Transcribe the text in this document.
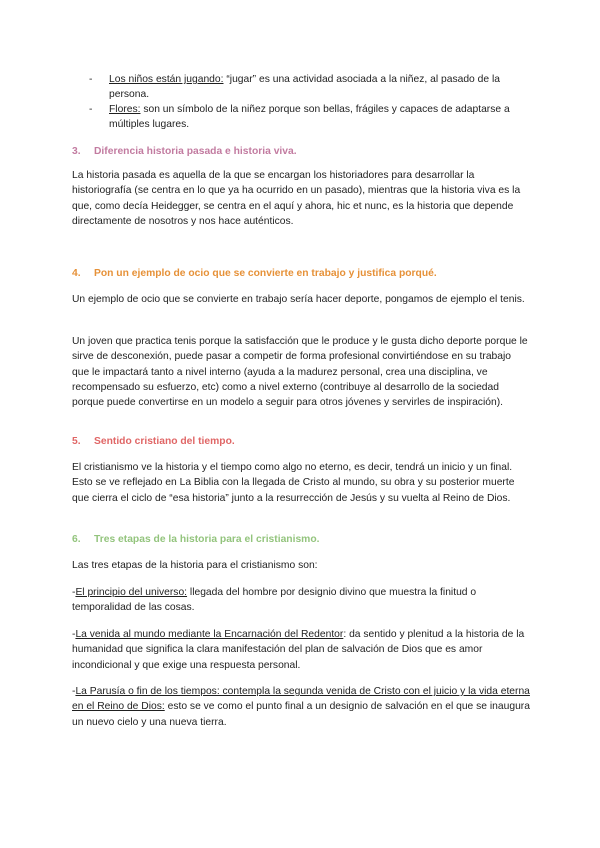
- Los niños están jugando: “jugar” es una actividad asociada a la niñez, al pasado de la persona.
- Flores: son un símbolo de la niñez porque son bellas, frágiles y capaces de adaptarse a múltiples lugares.
3. Diferencia historia pasada e historia viva.

La historia pasada es aquella de la que se encargan los historiadores para desarrollar la historiografía (se centra en lo que ya ha ocurrido en un pasado), mientras que la historia viva es la que, como decía Heidegger, se centra en el aquí y ahora, hic et nunc, es la historia que depende directamente de nosotros y nos hace auténticos.

4. Pon un ejemplo de ocio que se convierte en trabajo y justifica porqué.

Un ejemplo de ocio que se convierte en trabajo sería hacer deporte, pongamos de ejemplo el tenis.

Un joven que practica tenis porque la satisfacción que le produce y le gusta dicho deporte porque le sirve de desconexión, puede pasar a competir de forma profesional convirtiéndose en su trabajo que le impactará tanto a nivel interno (ayuda a la madurez personal, crea una disciplina, ve recompensado su esfuerzo, etc) como a nivel externo (contribuye al desarrollo de la sociedad porque puede convertirse en un modelo a seguir para otros jóvenes y servirles de inspiración).

5. Sentido cristiano del tiempo.

El cristianismo ve la historia y el tiempo como algo no eterno, es decir, tendrá un inicio y un final. Esto se ve reflejado en La Biblia con la llegada de Cristo al mundo, su obra y su posterior muerte que cierra el ciclo de “esa historia” junto a la resurrección de Jesús y su vuelta al Reino de Dios.

6. Tres etapas de la historia para el cristianismo.

Las tres etapas de la historia para el cristianismo son:

-El principio del universo: llegada del hombre por designio divino que muestra la finitud o temporalidad de las cosas.

-La venida al mundo mediante la Encarnación del Redentor: da sentido y plenitud a la historia de la humanidad que significa la clara manifestación del plan de salvación de Dios que es amor incondicional y que exige una respuesta personal.

-La Parusía o fin de los tiempos: contempla la segunda venida de Cristo con el juicio y la vida eterna en el Reino de Dios: esto se ve como el punto final a un designio de salvación en el que se inaugura un nuevo cielo y una nueva tierra.
